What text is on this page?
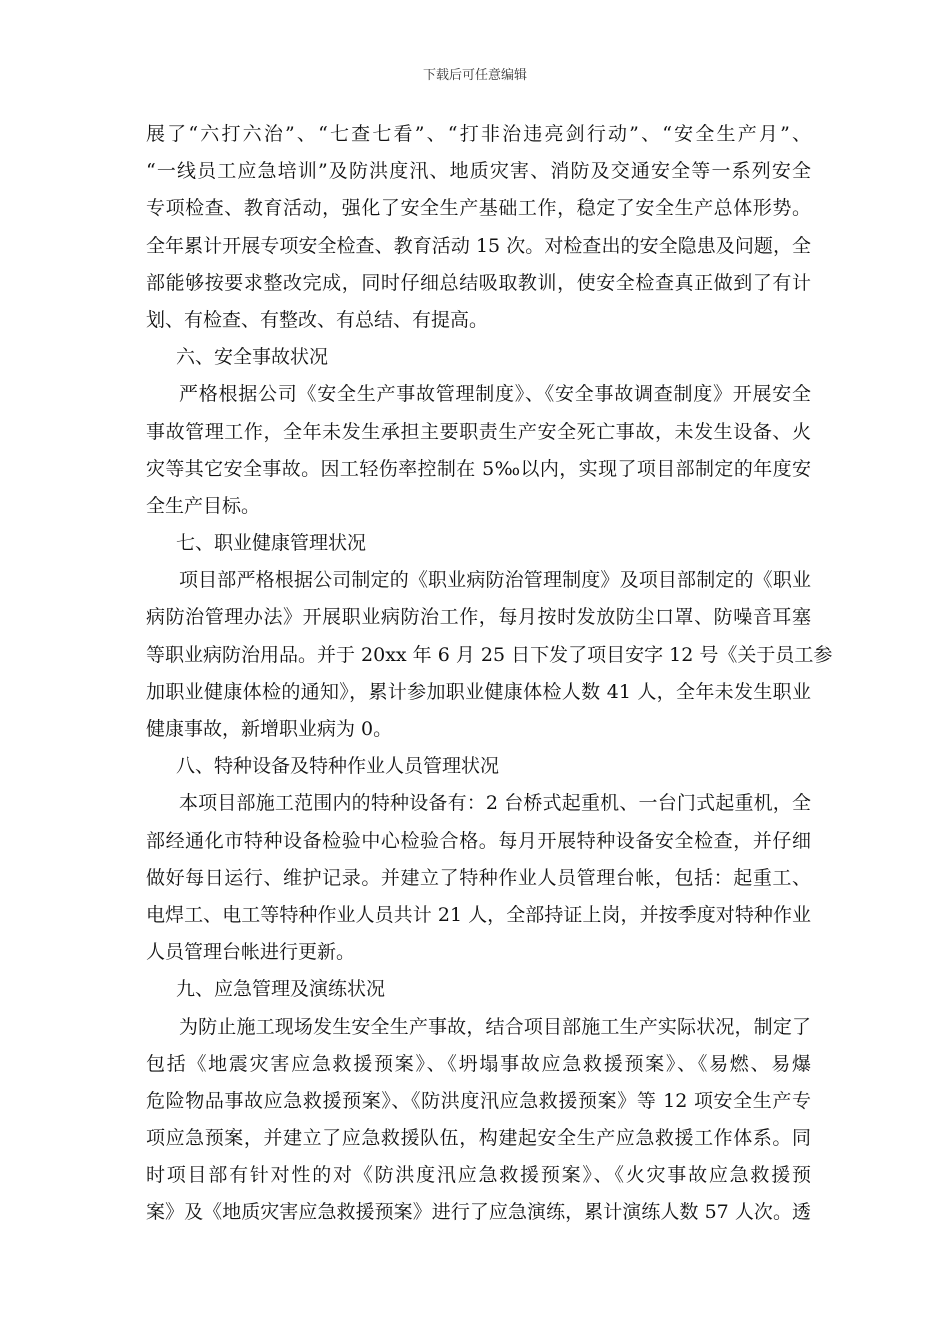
下载后可任意编辑
展了“六打六治”、“七查七看”、“打非治违亮剑行动”、“安全生产月”、
“一线员工应急培训”及防洪度汛、地质灾害、消防及交通安全等一系列安全
专项检查、教育活动，强化了安全生产基础工作，稳定了安全生产总体形势。
全年累计开展专项安全检查、教育活动 15 次。对检查出的安全隐患及问题，全
部能够按要求整改完成，同时仔细总结吸取教训，使安全检查真正做到了有计
划、有检查、有整改、有总结、有提高。
六、安全事故状况
严格根据公司《安全生产事故管理制度》、《安全事故调查制度》开展安全
事故管理工作，全年未发生承担主要职责生产安全死亡事故，未发生设备、火
灾等其它安全事故。因工轻伤率控制在 5‰以内，实现了项目部制定的年度安
全生产目标。
七、职业健康管理状况
项目部严格根据公司制定的《职业病防治管理制度》及项目部制定的《职业
病防治管理办法》开展职业病防治工作，每月按时发放防尘口罩、防噪音耳塞
等职业病防治用品。并于 20xx 年 6 月 25 日下发了项目安字 12 号《关于员工参
加职业健康体检的通知》，累计参加职业健康体检人数 41 人，全年未发生职业
健康事故，新增职业病为 0。
八、特种设备及特种作业人员管理状况
本项目部施工范围内的特种设备有：2 台桥式起重机、一台门式起重机，全
部经通化市特种设备检验中心检验合格。每月开展特种设备安全检查，并仔细
做好每日运行、维护记录。并建立了特种作业人员管理台帐，包括：起重工、
电焊工、电工等特种作业人员共计 21 人，全部持证上岗，并按季度对特种作业
人员管理台帐进行更新。
九、应急管理及演练状况
为防止施工现场发生安全生产事故，结合项目部施工生产实际状况，制定了
包括《地震灾害应急救援预案》、《坍塌事故应急救援预案》、《易燃、易爆
危险物品事故应急救援预案》、《防洪度汛应急救援预案》等 12 项安全生产专
项应急预案，并建立了应急救援队伍，构建起安全生产应急救援工作体系。同
时项目部有针对性的对《防洪度汛应急救援预案》、《火灾事故应急救援预
案》及《地质灾害应急救援预案》进行了应急演练，累计演练人数 57 人次。透
